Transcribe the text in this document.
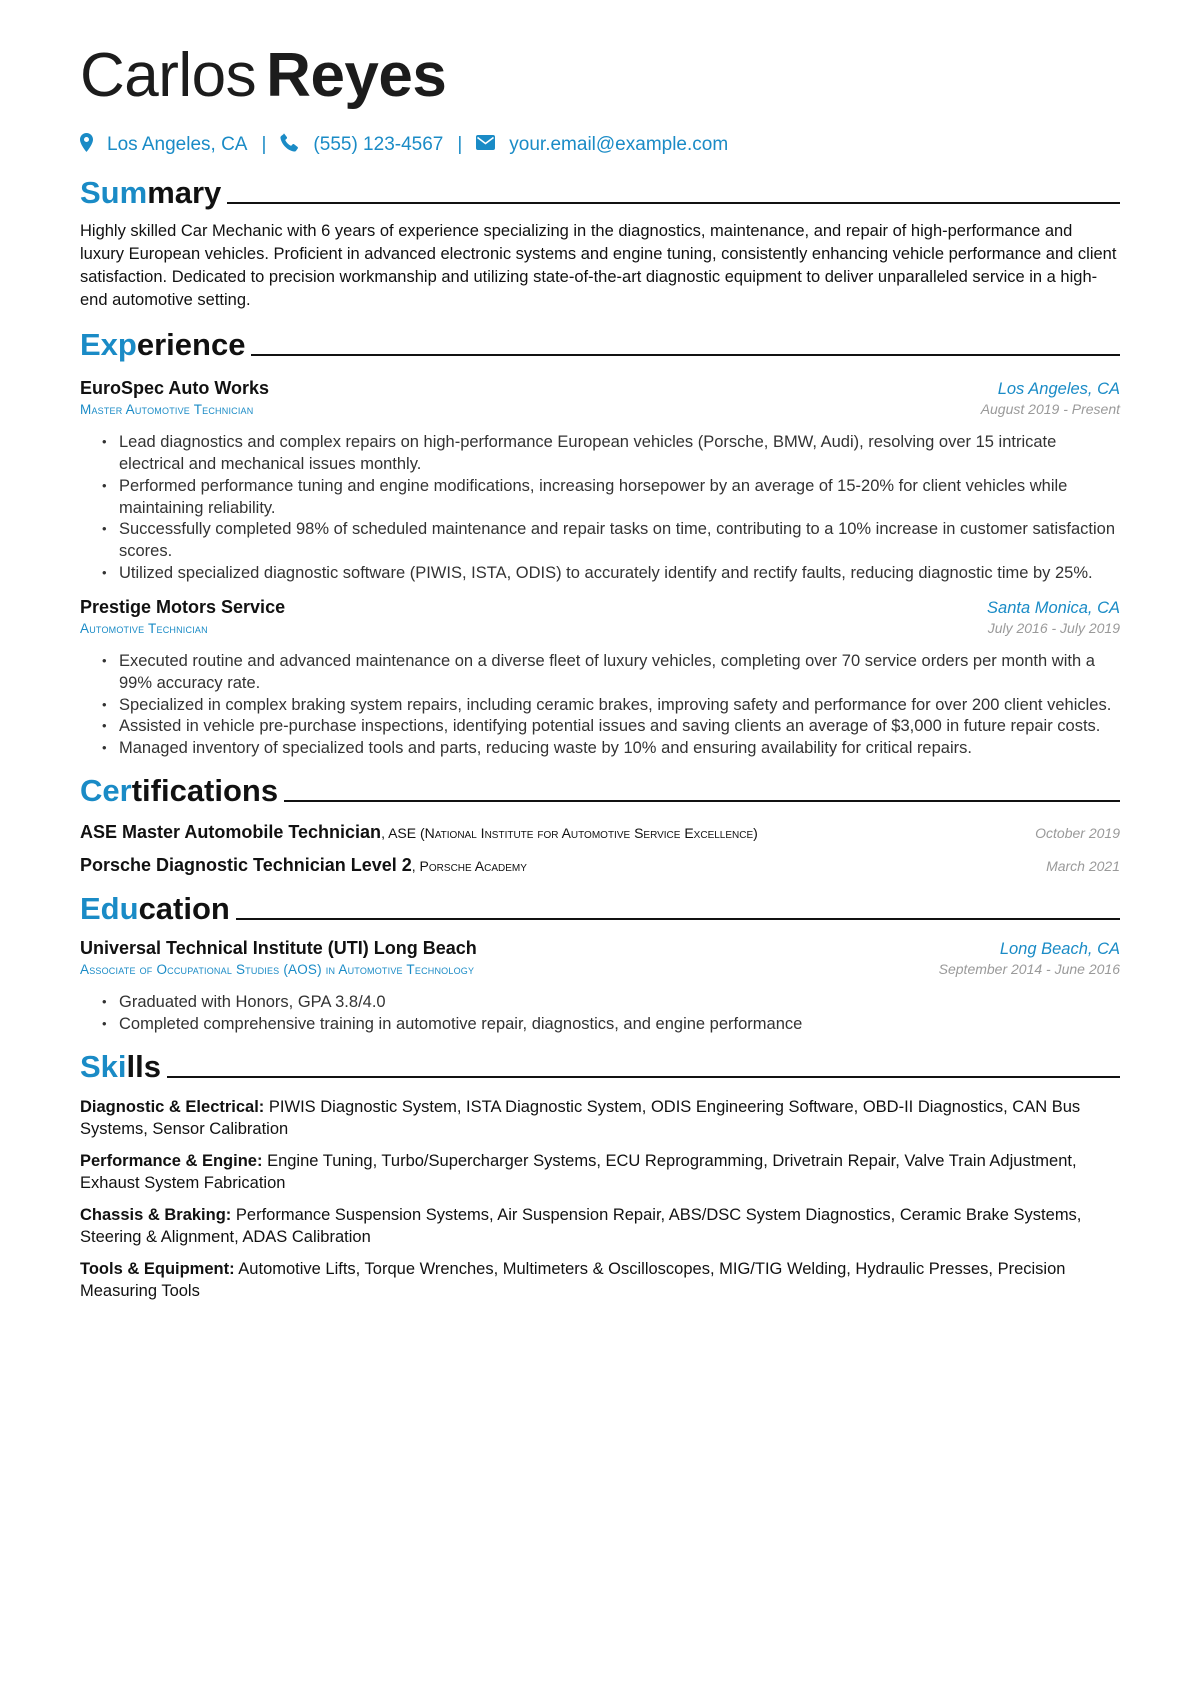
Carlos Reyes
Los Angeles, CA | (555) 123-4567 | your.email@example.com
Summary
Highly skilled Car Mechanic with 6 years of experience specializing in the diagnostics, maintenance, and repair of high-performance and luxury European vehicles. Proficient in advanced electronic systems and engine tuning, consistently enhancing vehicle performance and client satisfaction. Dedicated to precision workmanship and utilizing state-of-the-art diagnostic equipment to deliver unparalleled service in a high-end automotive setting.
Experience
EuroSpec Auto Works	Los Angeles, CA
Master Automotive Technician	August 2019 - Present
• Lead diagnostics and complex repairs on high-performance European vehicles (Porsche, BMW, Audi), resolving over 15 intricate electrical and mechanical issues monthly.
• Performed performance tuning and engine modifications, increasing horsepower by an average of 15-20% for client vehicles while maintaining reliability.
• Successfully completed 98% of scheduled maintenance and repair tasks on time, contributing to a 10% increase in customer satisfaction scores.
• Utilized specialized diagnostic software (PIWIS, ISTA, ODIS) to accurately identify and rectify faults, reducing diagnostic time by 25%.
Prestige Motors Service	Santa Monica, CA
Automotive Technician	July 2016 - July 2019
• Executed routine and advanced maintenance on a diverse fleet of luxury vehicles, completing over 70 service orders per month with a 99% accuracy rate.
• Specialized in complex braking system repairs, including ceramic brakes, improving safety and performance for over 200 client vehicles.
• Assisted in vehicle pre-purchase inspections, identifying potential issues and saving clients an average of $3,000 in future repair costs.
• Managed inventory of specialized tools and parts, reducing waste by 10% and ensuring availability for critical repairs.
Certifications
ASE Master Automobile Technician, ASE (National Institute for Automotive Service Excellence)	October 2019
Porsche Diagnostic Technician Level 2, Porsche Academy	March 2021
Education
Universal Technical Institute (UTI) Long Beach	Long Beach, CA
Associate of Occupational Studies (AOS) in Automotive Technology	September 2014 - June 2016
• Graduated with Honors, GPA 3.8/4.0
• Completed comprehensive training in automotive repair, diagnostics, and engine performance
Skills
Diagnostic & Electrical: PIWIS Diagnostic System, ISTA Diagnostic System, ODIS Engineering Software, OBD-II Diagnostics, CAN Bus Systems, Sensor Calibration
Performance & Engine: Engine Tuning, Turbo/Supercharger Systems, ECU Reprogramming, Drivetrain Repair, Valve Train Adjustment, Exhaust System Fabrication
Chassis & Braking: Performance Suspension Systems, Air Suspension Repair, ABS/DSC System Diagnostics, Ceramic Brake Systems, Steering & Alignment, ADAS Calibration
Tools & Equipment: Automotive Lifts, Torque Wrenches, Multimeters & Oscilloscopes, MIG/TIG Welding, Hydraulic Presses, Precision Measuring Tools
